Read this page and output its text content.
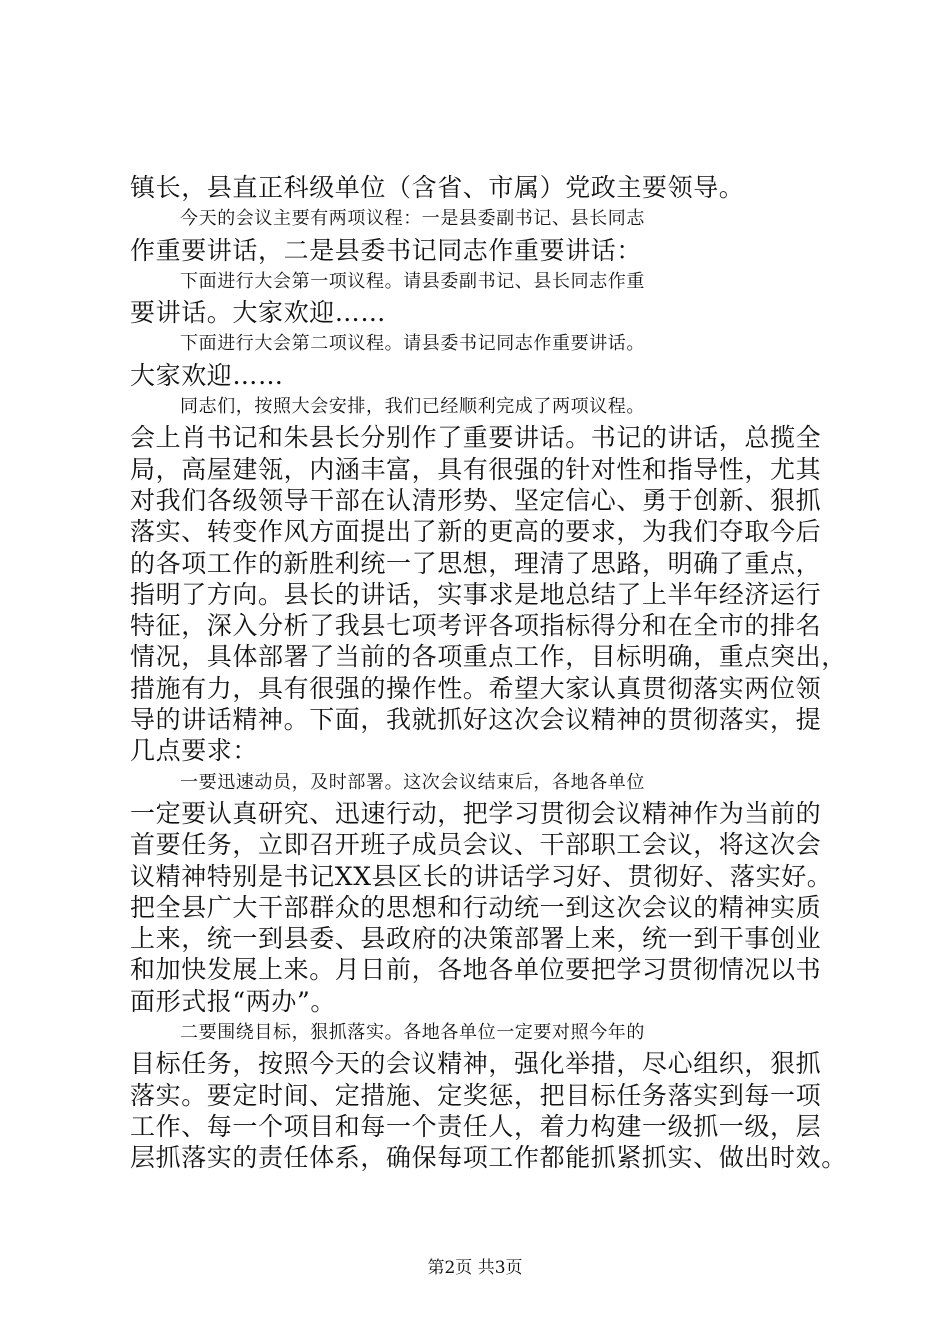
镇长，县直正科级单位（含省、市属）党政主要领导。
今天的会议主要有两项议程：一是县委副书记、县长同志
作重要讲话，二是县委书记同志作重要讲话：
下面进行大会第一项议程。请县委副书记、县长同志作重
要讲话。大家欢迎……
下面进行大会第二项议程。请县委书记同志作重要讲话。
大家欢迎……
同志们，按照大会安排，我们已经顺利完成了两项议程。
会上肖书记和朱县长分别作了重要讲话。书记的讲话，总揽全
局，高屋建瓴，内涵丰富，具有很强的针对性和指导性，尤其
对我们各级领导干部在认清形势、坚定信心、勇于创新、狠抓
落实、转变作风方面提出了新的更高的要求，为我们夺取今后
的各项工作的新胜利统一了思想，理清了思路，明确了重点，
指明了方向。县长的讲话，实事求是地总结了上半年经济运行
特征，深入分析了我县七项考评各项指标得分和在全市的排名
情况，具体部署了当前的各项重点工作，目标明确，重点突出，
措施有力，具有很强的操作性。希望大家认真贯彻落实两位领
导的讲话精神。下面，我就抓好这次会议精神的贯彻落实，提
几点要求：
一要迅速动员，及时部署。这次会议结束后，各地各单位
一定要认真研究、迅速行动，把学习贯彻会议精神作为当前的
首要任务，立即召开班子成员会议、干部职工会议，将这次会
议精神特别是书记XX县区长的讲话学习好、贯彻好、落实好。
把全县广大干部群众的思想和行动统一到这次会议的精神实质
上来，统一到县委、县政府的决策部署上来，统一到干事创业
和加快发展上来。月日前，各地各单位要把学习贯彻情况以书
面形式报“两办”。
二要围绕目标，狠抓落实。各地各单位一定要对照今年的
目标任务，按照今天的会议精神，强化举措，尽心组织，狠抓
落实。要定时间、定措施、定奖惩，把目标任务落实到每一项
工作、每一个项目和每一个责任人，着力构建一级抓一级，层
层抓落实的责任体系，确保每项工作都能抓紧抓实、做出时效。
第2页 共3页
